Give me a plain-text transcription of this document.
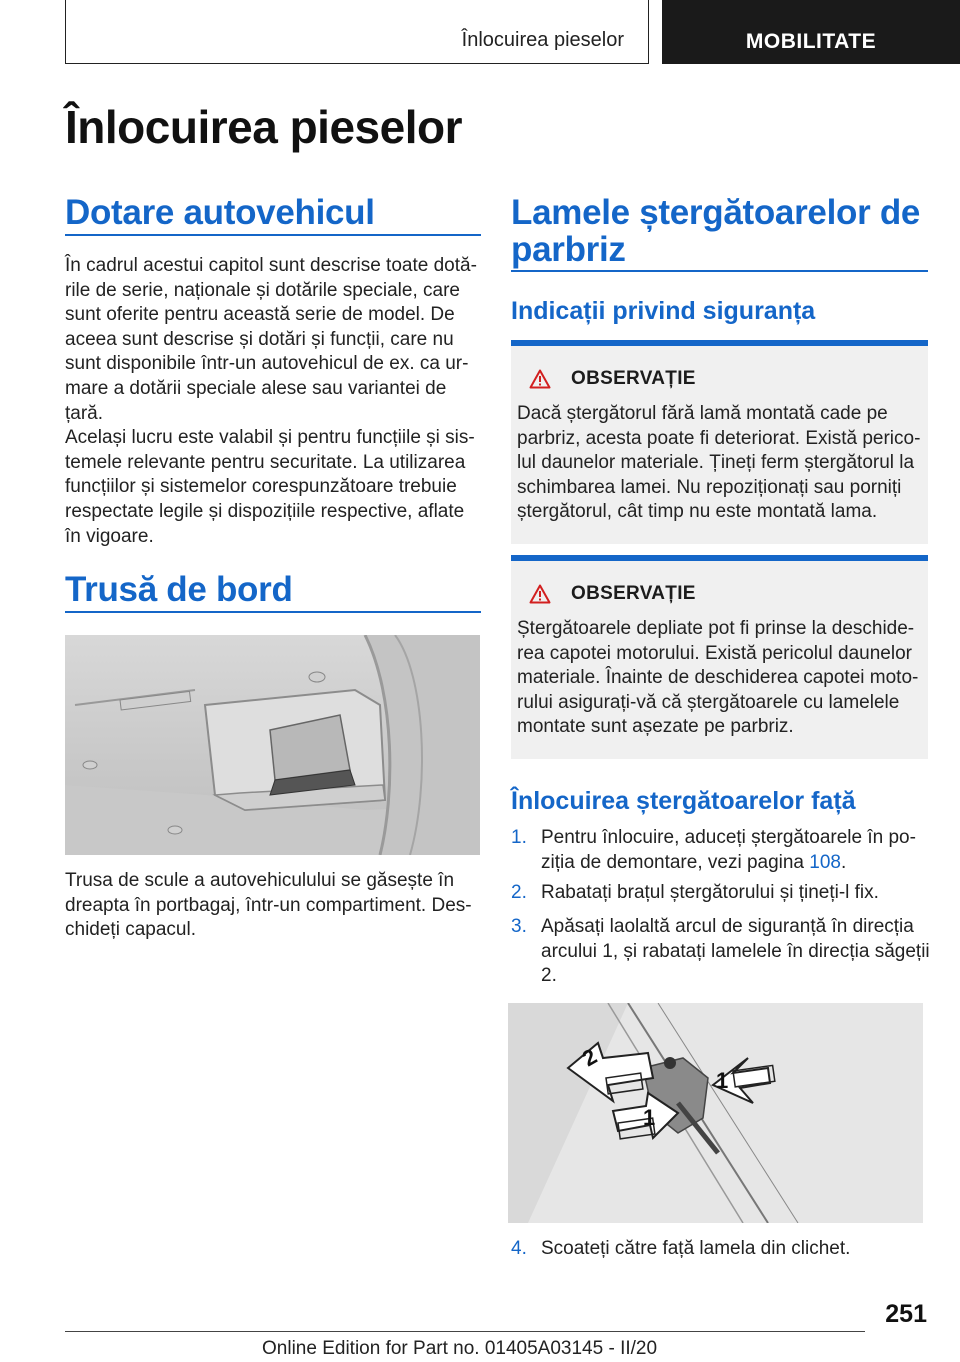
Înlocuirea pieselor	MOBILITATE
Înlocuirea pieselor
Dotare autovehicul
În cadrul acestui capitol sunt descrise toate dotă-
rile de serie, naționale și dotările speciale, care
sunt oferite pentru această serie de model. De
aceea sunt descrise și dotări și funcții, care nu
sunt disponibile într-un autovehicul de ex. ca ur-
mare a dotării speciale alese sau variantei de țară.
Același lucru este valabil și pentru funcțiile și sis-
temele relevante pentru securitate. La utilizarea
funcțiilor și sistemelor corespunzătoare trebuie
respectate legile și dispozițiile respective, aflate
în vigoare.
Trusă de bord
Trusa de scule a autovehiculului se găsește în
dreapta în portbagaj, într-un compartiment. Des-
chideți capacul.
Lamele ștergătoarelor de
parbriz
Indicații privind siguranța
OBSERVAȚIE
Dacă ștergătorul fără lamă montată cade pe
parbriz, acesta poate fi deteriorat. Există perico-
lul daunelor materiale. Țineți ferm ștergătorul la
schimbarea lamei. Nu repoziționați sau porniți
ștergătorul, cât timp nu este montată lama.
OBSERVAȚIE
Ștergătoarele depliate pot fi prinse la deschide-
rea capotei motorului. Există pericolul daunelor
materiale. Înainte de deschiderea capotei moto-
rului asigurați-vă că ștergătoarele cu lamelele
montate sunt așezate pe parbriz.
Înlocuirea ștergătoarelor față
1. Pentru înlocuire, aduceți ștergătoarele în po-
ziția de demontare, vezi pagina 108.
2. Rabatați brațul ștergătorului și țineți-l fix.
3. Apăsați laolaltă arcul de siguranță în direcția
arcului 1, și rabatați lamelele în direcția săgeții
2.
2
1
1
4. Scoateți către față lamela din clichet.
251
Online Edition for Part no. 01405A03145 - II/20
